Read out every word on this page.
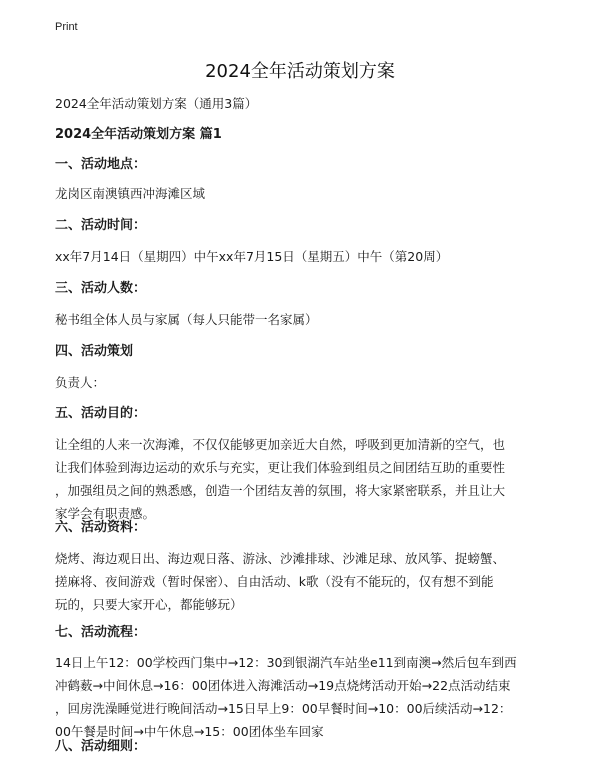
Print
2024全年活动策划方案
2024全年活动策划方案（通用3篇）
2024全年活动策划方案 篇1
一、活动地点：
龙岗区南澳镇西冲海滩区域
二、活动时间：
xx年7月14日（星期四）中午xx年7月15日（星期五）中午（第20周）
三、活动人数：
秘书组全体人员与家属（每人只能带一名家属）
四、活动策划
负责人：
五、活动目的：
让全组的人来一次海滩，不仅仅能够更加亲近大自然，呼吸到更加清新的空气，也
让我们体验到海边运动的欢乐与充实，更让我们体验到组员之间团结互助的重要性
，加强组员之间的熟悉感，创造一个团结友善的氛围，将大家紧密联系，并且让大
家学会有职责感。
六、活动资料：
烧烤、海边观日出、海边观日落、游泳、沙滩排球、沙滩足球、放风筝、捉螃蟹、
搓麻将、夜间游戏（暂时保密）、自由活动、k歌（没有不能玩的，仅有想不到能
玩的，只要大家开心，都能够玩）
七、活动流程：
14日上午12：00学校西门集中→12：30到银湖汽车站坐e11到南澳→然后包车到西
冲鹤薮→中间休息→16：00团体进入海滩活动→19点烧烤活动开始→22点活动结束
，回房洗澡睡觉进行晚间活动→15日早上9：00早餐时间→10：00后续活动→12：
00午餐是时间→中午休息→15：00团体坐车回家
八、活动细则：
